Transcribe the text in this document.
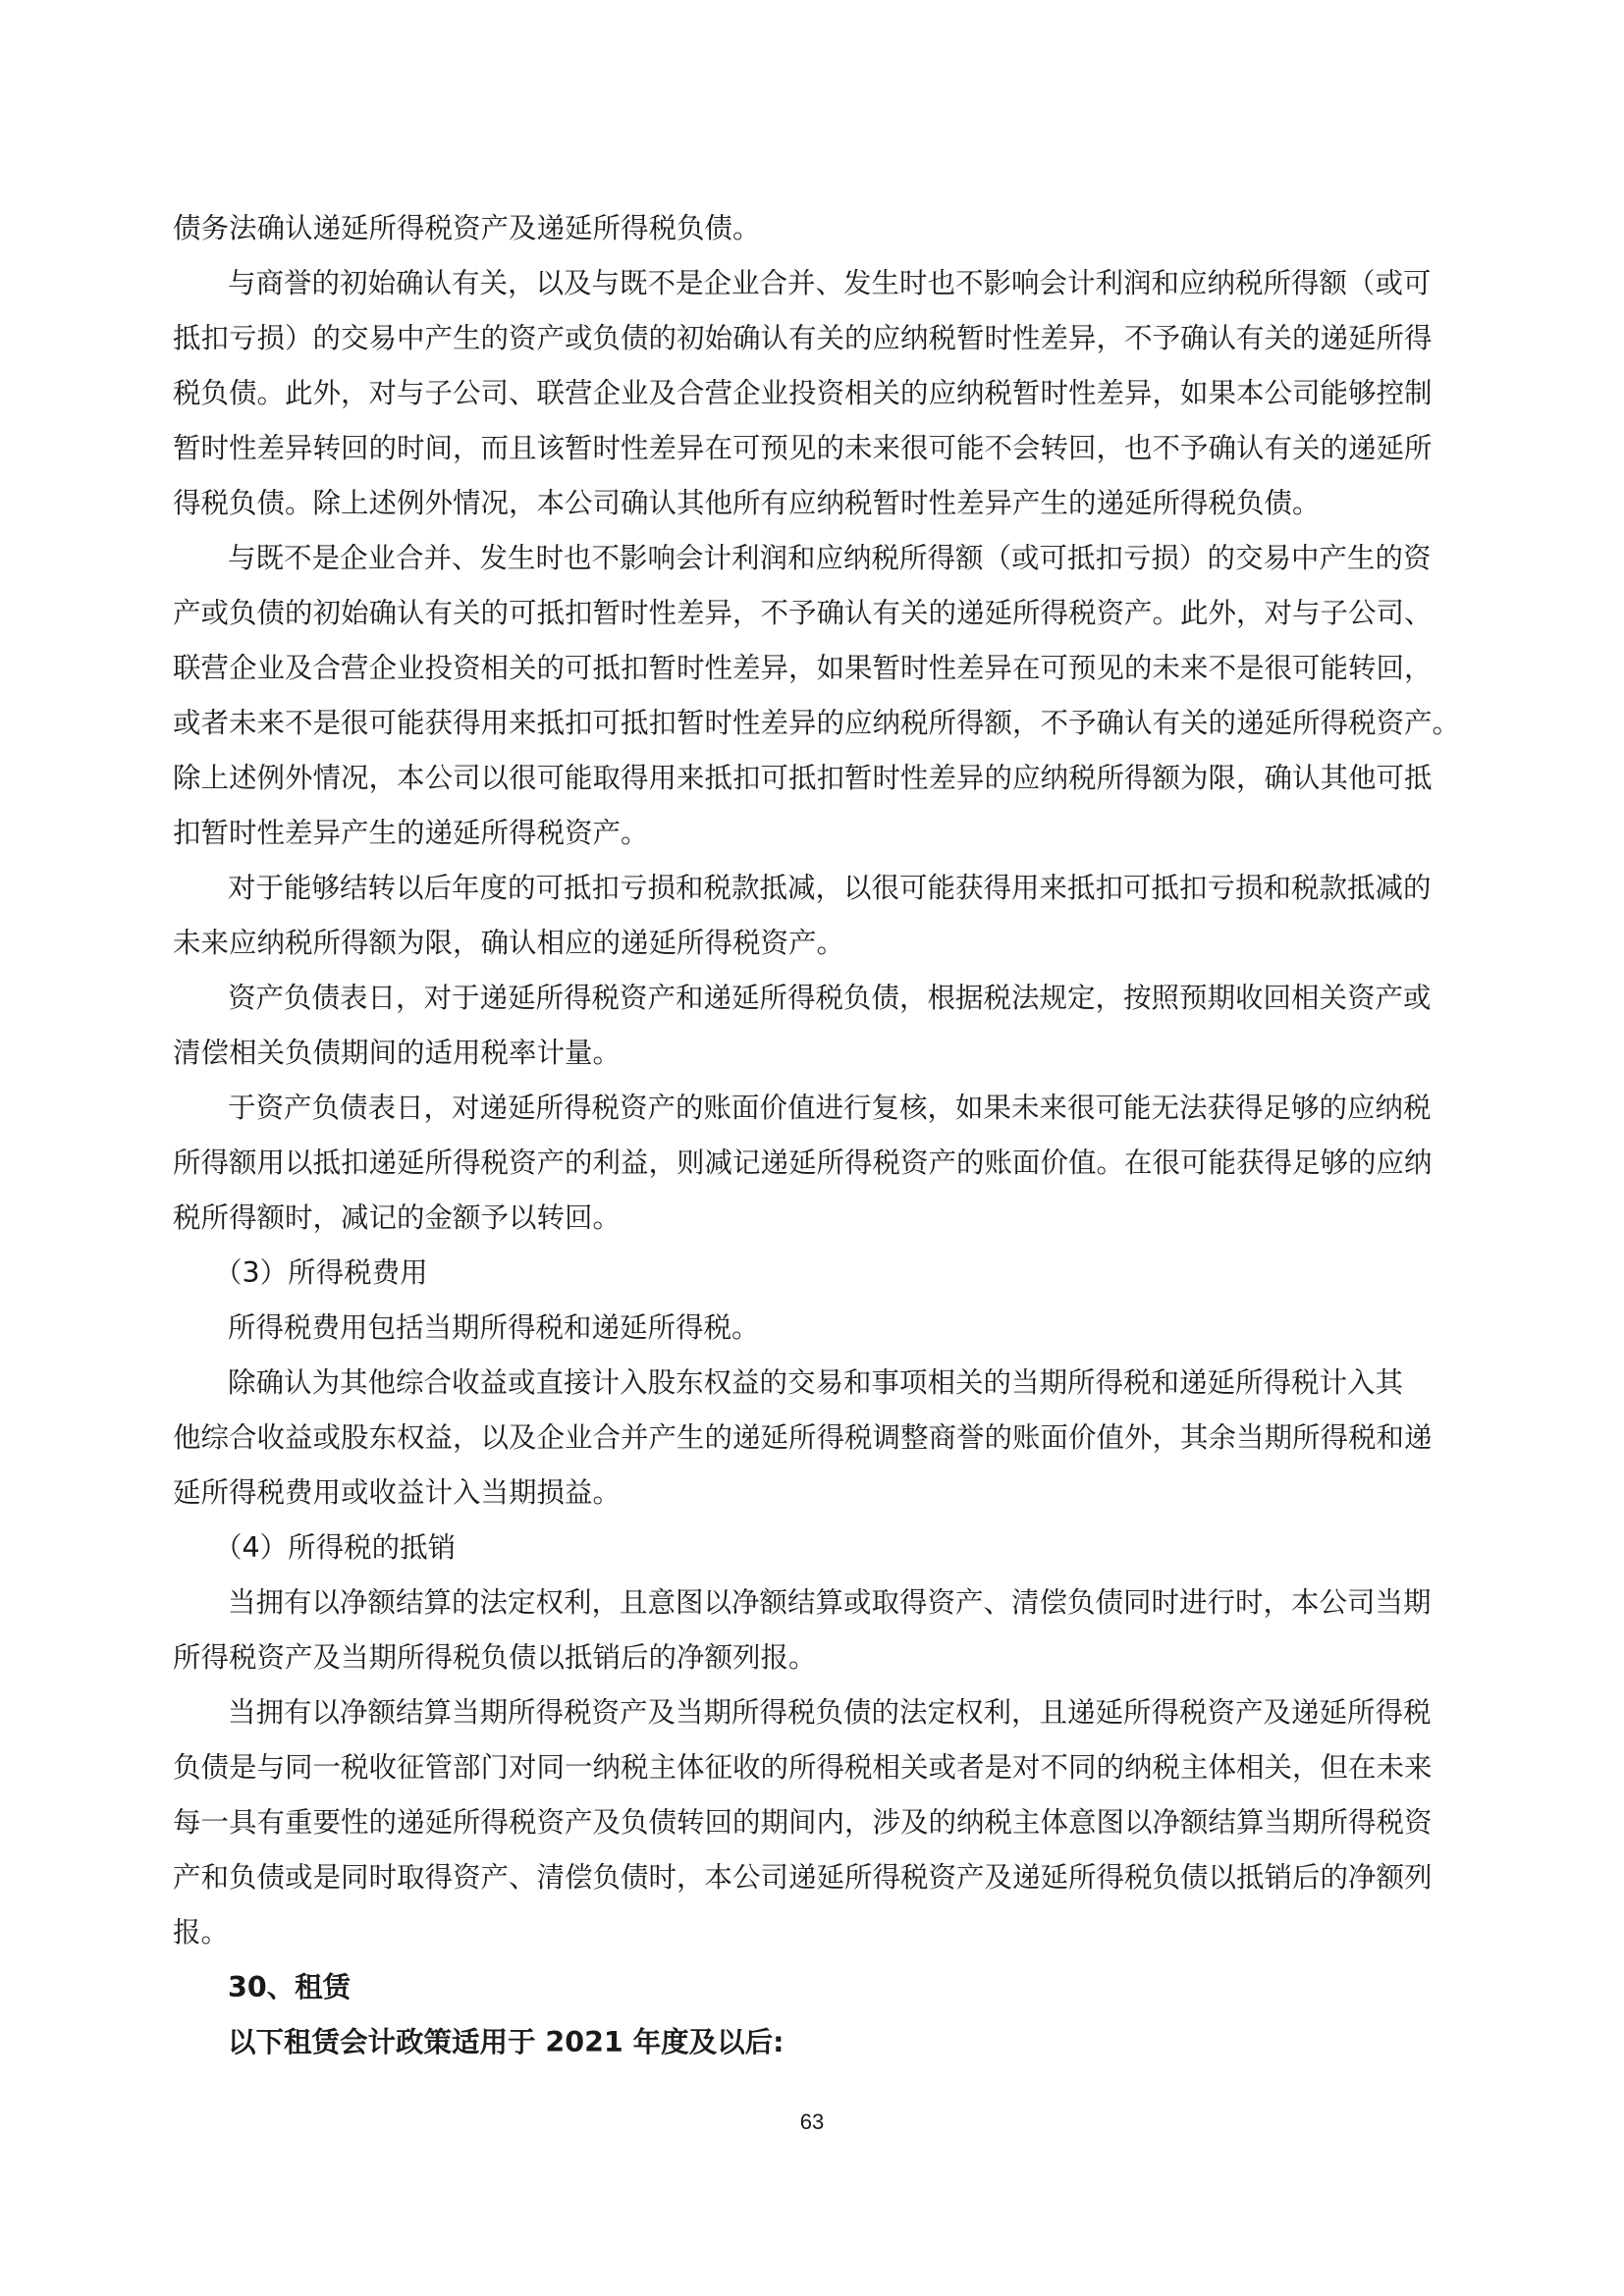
债务法确认递延所得税资产及递延所得税负债。
与商誉的初始确认有关，以及与既不是企业合并、发生时也不影响会计利润和应纳税所得额（或可
抵扣亏损）的交易中产生的资产或负债的初始确认有关的应纳税暂时性差异，不予确认有关的递延所得
税负债。此外，对与子公司、联营企业及合营企业投资相关的应纳税暂时性差异，如果本公司能够控制
暂时性差异转回的时间，而且该暂时性差异在可预见的未来很可能不会转回，也不予确认有关的递延所
得税负债。除上述例外情况，本公司确认其他所有应纳税暂时性差异产生的递延所得税负债。
与既不是企业合并、发生时也不影响会计利润和应纳税所得额（或可抵扣亏损）的交易中产生的资
产或负债的初始确认有关的可抵扣暂时性差异，不予确认有关的递延所得税资产。此外，对与子公司、
联营企业及合营企业投资相关的可抵扣暂时性差异，如果暂时性差异在可预见的未来不是很可能转回，
或者未来不是很可能获得用来抵扣可抵扣暂时性差异的应纳税所得额，不予确认有关的递延所得税资产。
除上述例外情况，本公司以很可能取得用来抵扣可抵扣暂时性差异的应纳税所得额为限，确认其他可抵
扣暂时性差异产生的递延所得税资产。
对于能够结转以后年度的可抵扣亏损和税款抵减，以很可能获得用来抵扣可抵扣亏损和税款抵减的
未来应纳税所得额为限，确认相应的递延所得税资产。
资产负债表日，对于递延所得税资产和递延所得税负债，根据税法规定，按照预期收回相关资产或
清偿相关负债期间的适用税率计量。
于资产负债表日，对递延所得税资产的账面价值进行复核，如果未来很可能无法获得足够的应纳税
所得额用以抵扣递延所得税资产的利益，则减记递延所得税资产的账面价值。在很可能获得足够的应纳
税所得额时，减记的金额予以转回。
（3）所得税费用
所得税费用包括当期所得税和递延所得税。
除确认为其他综合收益或直接计入股东权益的交易和事项相关的当期所得税和递延所得税计入其
他综合收益或股东权益，以及企业合并产生的递延所得税调整商誉的账面价值外，其余当期所得税和递
延所得税费用或收益计入当期损益。
（4）所得税的抵销
当拥有以净额结算的法定权利，且意图以净额结算或取得资产、清偿负债同时进行时，本公司当期
所得税资产及当期所得税负债以抵销后的净额列报。
当拥有以净额结算当期所得税资产及当期所得税负债的法定权利，且递延所得税资产及递延所得税
负债是与同一税收征管部门对同一纳税主体征收的所得税相关或者是对不同的纳税主体相关，但在未来
每一具有重要性的递延所得税资产及负债转回的期间内，涉及的纳税主体意图以净额结算当期所得税资
产和负债或是同时取得资产、清偿负债时，本公司递延所得税资产及递延所得税负债以抵销后的净额列
报。
30、租赁
以下租赁会计政策适用于 2021 年度及以后:
63
